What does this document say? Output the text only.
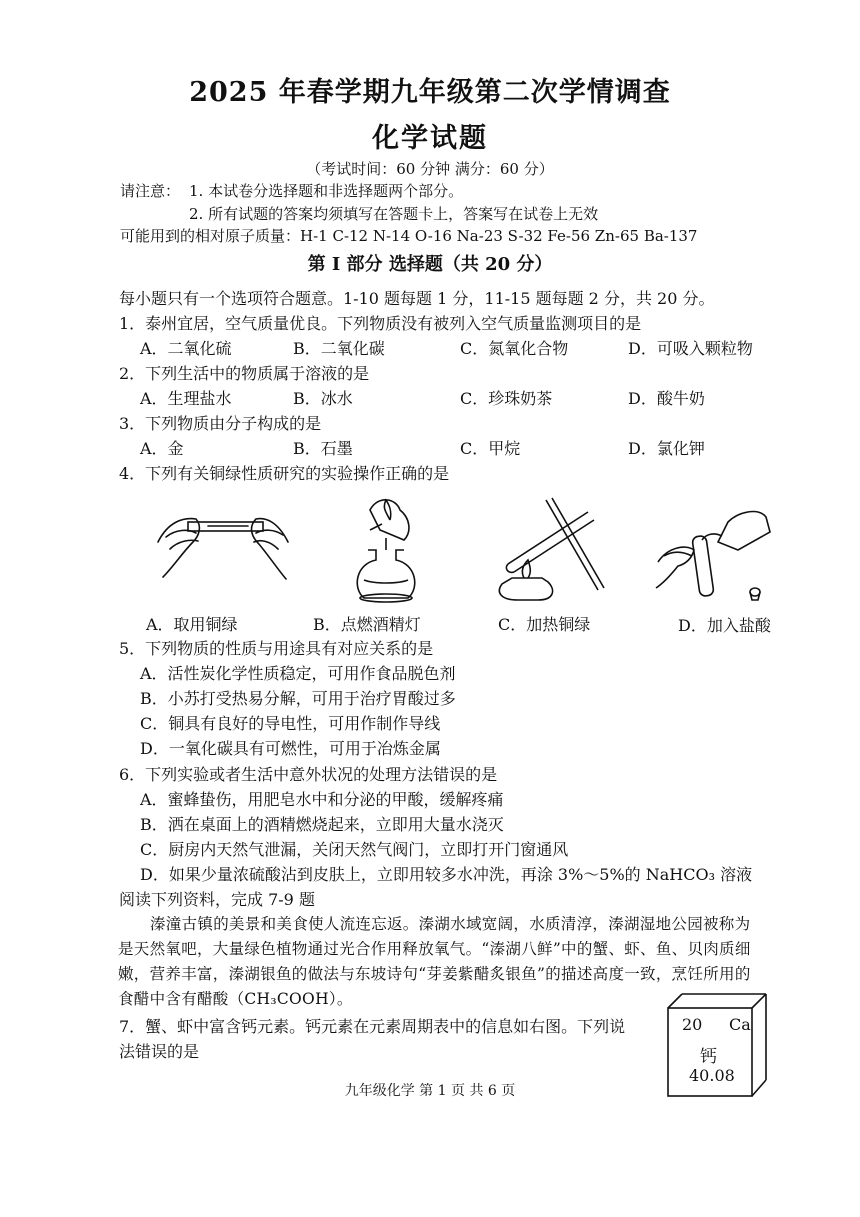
2025 年春学期九年级第二次学情调查
化学试题
（考试时间：60 分钟 满分：60 分）
请注意： 1. 本试卷分选择题和非选择题两个部分。
2. 所有试题的答案均须填写在答题卡上，答案写在试卷上无效
可能用到的相对原子质量：H-1 C-12 N-14 O-16 Na-23 S-32 Fe-56 Zn-65 Ba-137
第 I 部分 选择题（共 20 分）
每小题只有一个选项符合题意。1-10 题每题 1 分，11-15 题每题 2 分，共 20 分。
1．泰州宜居，空气质量优良。下列物质没有被列入空气质量监测项目的是
A．二氧化硫	B．二氧化碳	C．氮氧化合物	D．可吸入颗粒物
2．下列生活中的物质属于溶液的是
A．生理盐水	B．冰水	C．珍珠奶茶	D．酸牛奶
3．下列物质由分子构成的是
A．金	B．石墨	C．甲烷	D．氯化钾
4．下列有关铜绿性质研究的实验操作正确的是
A．取用铜绿	B．点燃酒精灯	C．加热铜绿	D．加入盐酸
5．下列物质的性质与用途具有对应关系的是
A．活性炭化学性质稳定，可用作食品脱色剂
B．小苏打受热易分解，可用于治疗胃酸过多
C．铜具有良好的导电性，可用作制作导线
D．一氧化碳具有可燃性，可用于冶炼金属
6．下列实验或者生活中意外状况的处理方法错误的是
A．蜜蜂蛰伤，用肥皂水中和分泌的甲酸，缓解疼痛
B．洒在桌面上的酒精燃烧起来，立即用大量水浇灭
C．厨房内天然气泄漏，关闭天然气阀门，立即打开门窗通风
D．如果少量浓硫酸沾到皮肤上，立即用较多水冲洗，再涂 3%～5%的 NaHCO₃ 溶液
阅读下列资料，完成 7-9 题
溱潼古镇的美景和美食使人流连忘返。溱湖水域宽阔，水质清淳，溱湖湿地公园被称为是天然氧吧，大量绿色植物通过光合作用释放氧气。“溱湖八鲜”中的蟹、虾、鱼、贝肉质细嫩，营养丰富，溱湖银鱼的做法与东坡诗句“芽姜紫醋炙银鱼”的描述高度一致，烹饪所用的食醋中含有醋酸（CH₃COOH）。
7．蟹、虾中富含钙元素。钙元素在元素周期表中的信息如右图。下列说
法错误的是
20 Ca
钙
40.08
九年级化学 第 1 页 共 6 页
